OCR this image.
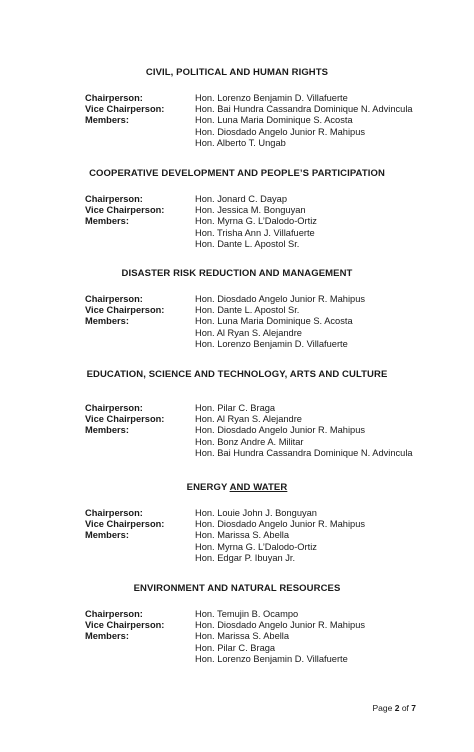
CIVIL, POLITICAL AND HUMAN RIGHTS
Chairperson:	Hon. Lorenzo Benjamin D. Villafuerte
Vice Chairperson:	Hon. Bai Hundra Cassandra Dominique N. Advincula
Members:	Hon. Luna Maria Dominique S. Acosta
Hon. Diosdado Angelo Junior R. Mahipus
Hon. Alberto T. Ungab
COOPERATIVE DEVELOPMENT AND PEOPLE’S PARTICIPATION
Chairperson:	Hon. Jonard C. Dayap
Vice Chairperson:	Hon. Jessica M. Bonguyan
Members:	Hon. Myrna G. L’Dalodo-Ortiz
Hon. Trisha Ann J. Villafuerte
Hon. Dante L. Apostol Sr.
DISASTER RISK REDUCTION AND MANAGEMENT
Chairperson:	Hon. Diosdado Angelo Junior R. Mahipus
Vice Chairperson:	Hon. Dante L. Apostol Sr.
Members:	Hon. Luna Maria Dominique S. Acosta
Hon. Al Ryan S. Alejandre
Hon. Lorenzo Benjamin D. Villafuerte
EDUCATION, SCIENCE AND TECHNOLOGY, ARTS AND CULTURE
Chairperson:	Hon. Pilar C. Braga
Vice Chairperson:	Hon. Al Ryan S. Alejandre
Members:	Hon. Diosdado Angelo Junior R. Mahipus
Hon. Bonz Andre A. Militar
Hon. Bai Hundra Cassandra Dominique N. Advincula
ENERGY AND WATER
Chairperson:	Hon. Louie John J. Bonguyan
Vice Chairperson:	Hon. Diosdado Angelo Junior R. Mahipus
Members:	Hon. Marissa S. Abella
Hon. Myrna G. L’Dalodo-Ortiz
Hon. Edgar P. Ibuyan Jr.
ENVIRONMENT AND NATURAL RESOURCES
Chairperson:	Hon. Temujin B. Ocampo
Vice Chairperson:	Hon. Diosdado Angelo Junior R. Mahipus
Members:	Hon. Marissa S. Abella
Hon. Pilar C. Braga
Hon. Lorenzo Benjamin D. Villafuerte
Page 2 of 7
